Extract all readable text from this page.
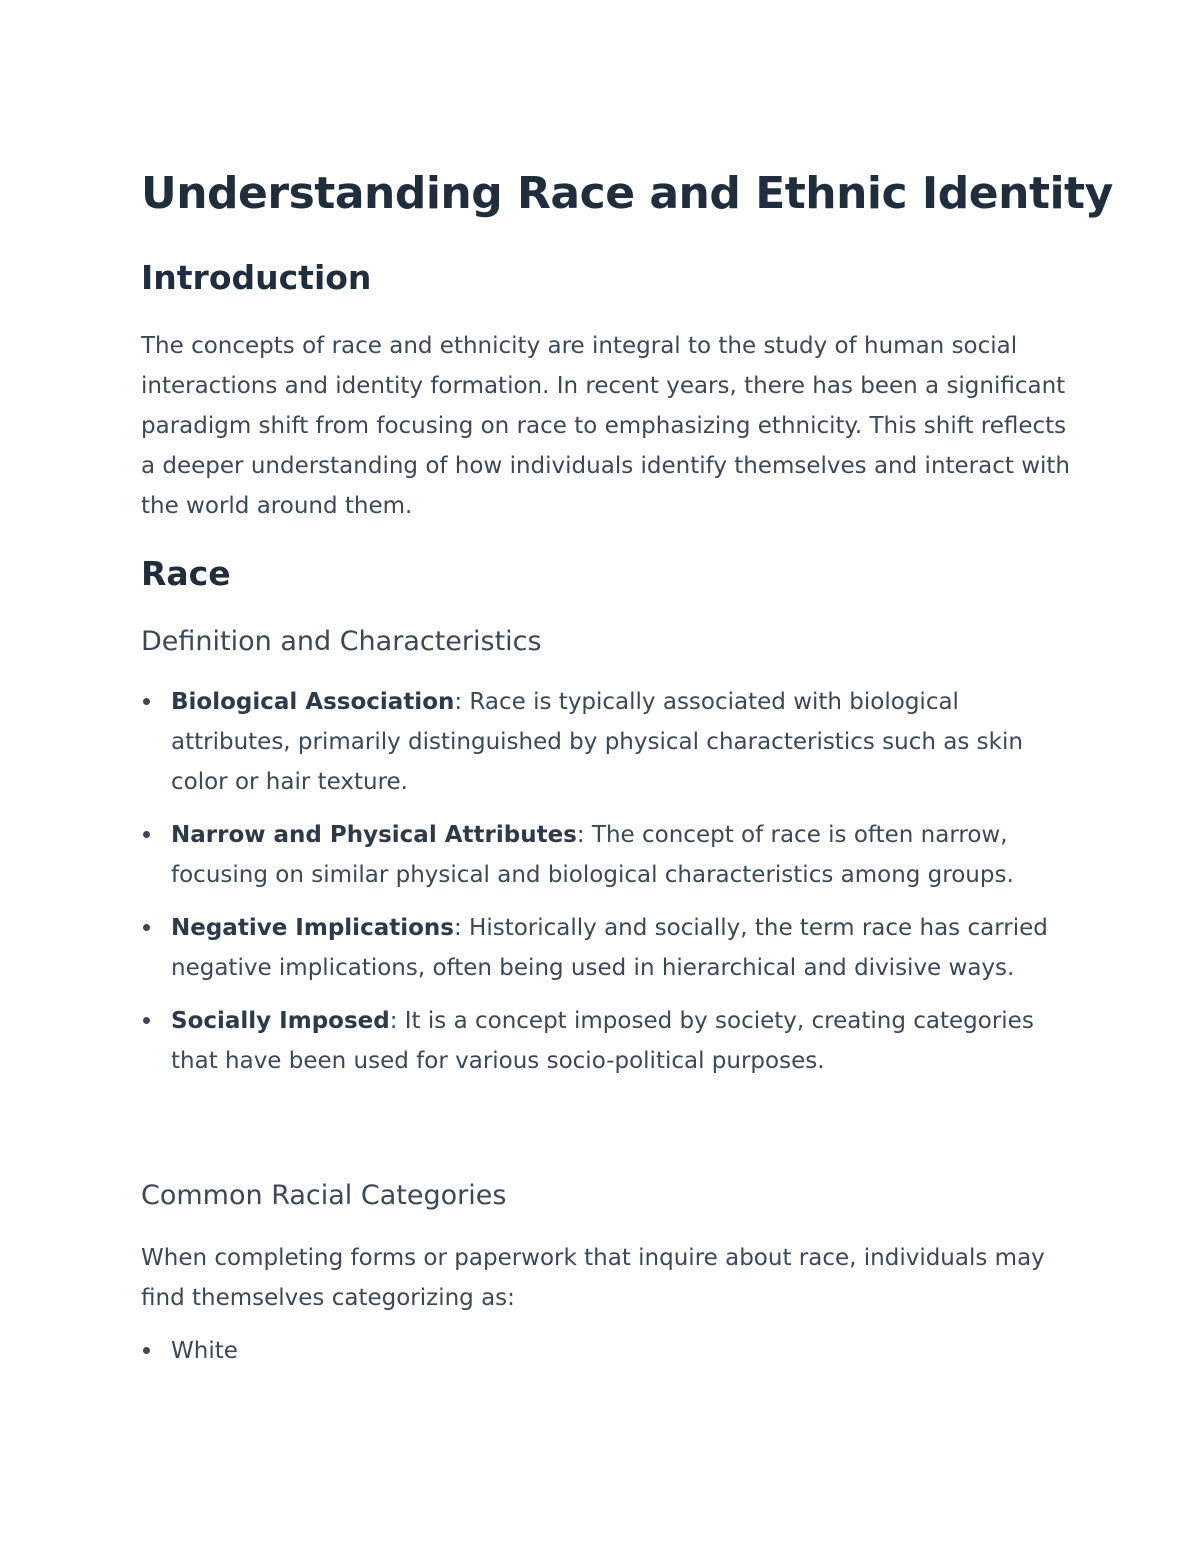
Understanding Race and Ethnic Identity
Introduction

The concepts of race and ethnicity are integral to the study of human social interactions and identity formation. In recent years, there has been a significant paradigm shift from focusing on race to emphasizing ethnicity. This shift reflects a deeper understanding of how individuals identify themselves and interact with the world around them.

Race
Definition and Characteristics
Biological Association: Race is typically associated with biological attributes, primarily distinguished by physical characteristics such as skin color or hair texture.
Narrow and Physical Attributes: The concept of race is often narrow, focusing on similar physical and biological characteristics among groups.
Negative Implications: Historically and socially, the term race has carried negative implications, often being used in hierarchical and divisive ways.
Socially Imposed: It is a concept imposed by society, creating categories that have been used for various socio-political purposes.
Common Racial Categories

When completing forms or paperwork that inquire about race, individuals may find themselves categorizing as:

White
